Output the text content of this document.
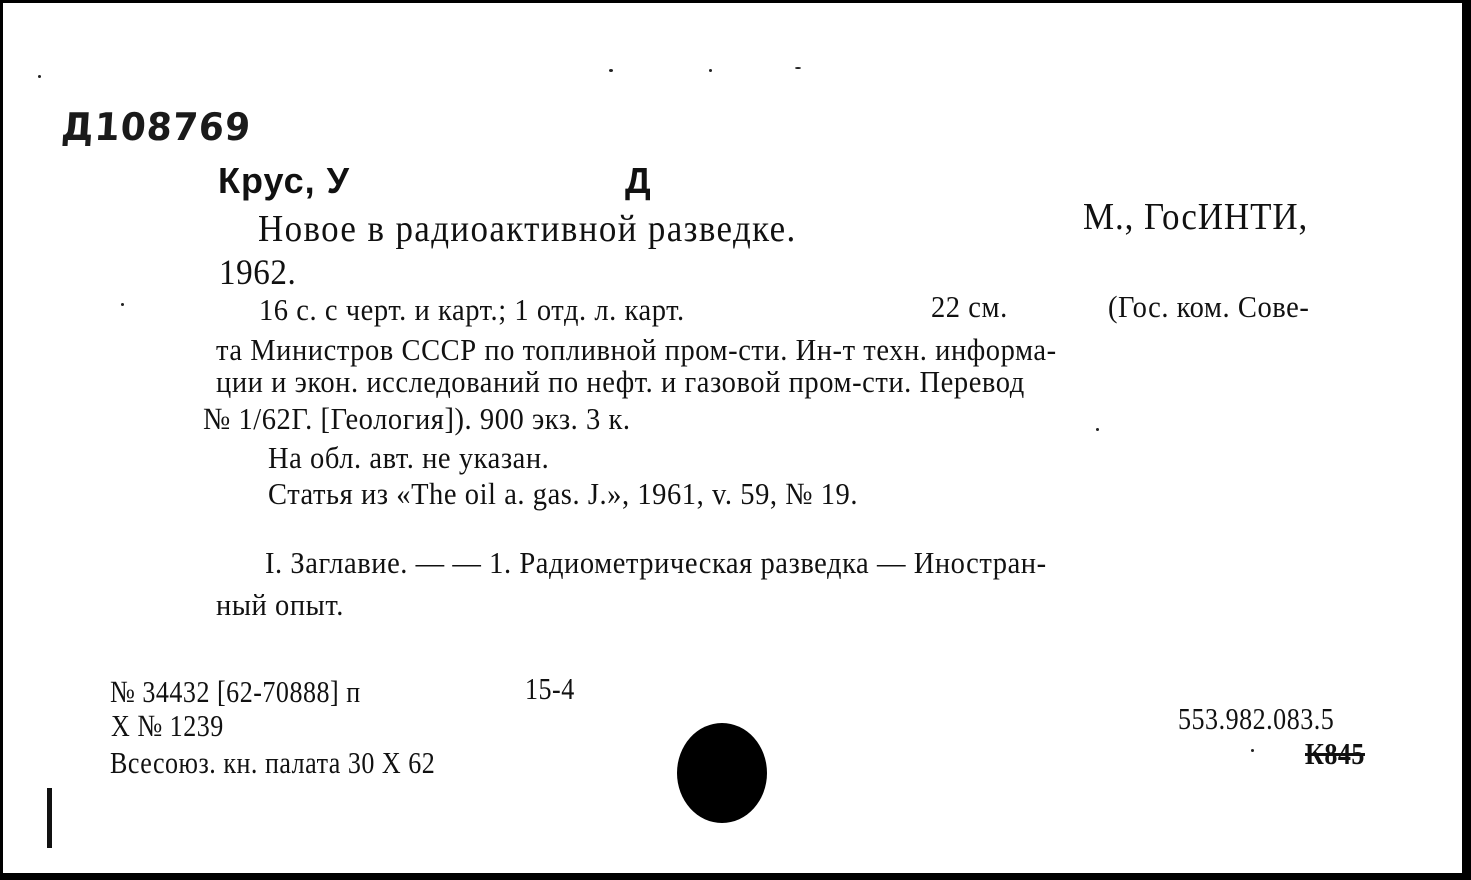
Д108769
Крус, У	Д
Новое в радиоактивной разведке.	М., ГосИНТИ,
1962.
16 с. с черт. и карт.; 1 отд. л. карт.	22 см.	(Гос. ком. Сове-
та Министров СССР по топливной пром-сти. Ин-т техн. информа-
ции и экон. исследований по нефт. и газовой пром-сти. Перевод
№ 1/62Г. [Геология]). 900 экз. 3 к.
На обл. авт. не указан.
Статья из «The oil a. gas. J.», 1961, v. 59, № 19.
I. Заглавие. — — 1. Радиометрическая разведка — Иностран-
ный опыт.
№ 34432 [62-70888] п	15-4
Х № 1239
Всесоюз. кн. палата 30 X 62
553.982.083.5
К845
